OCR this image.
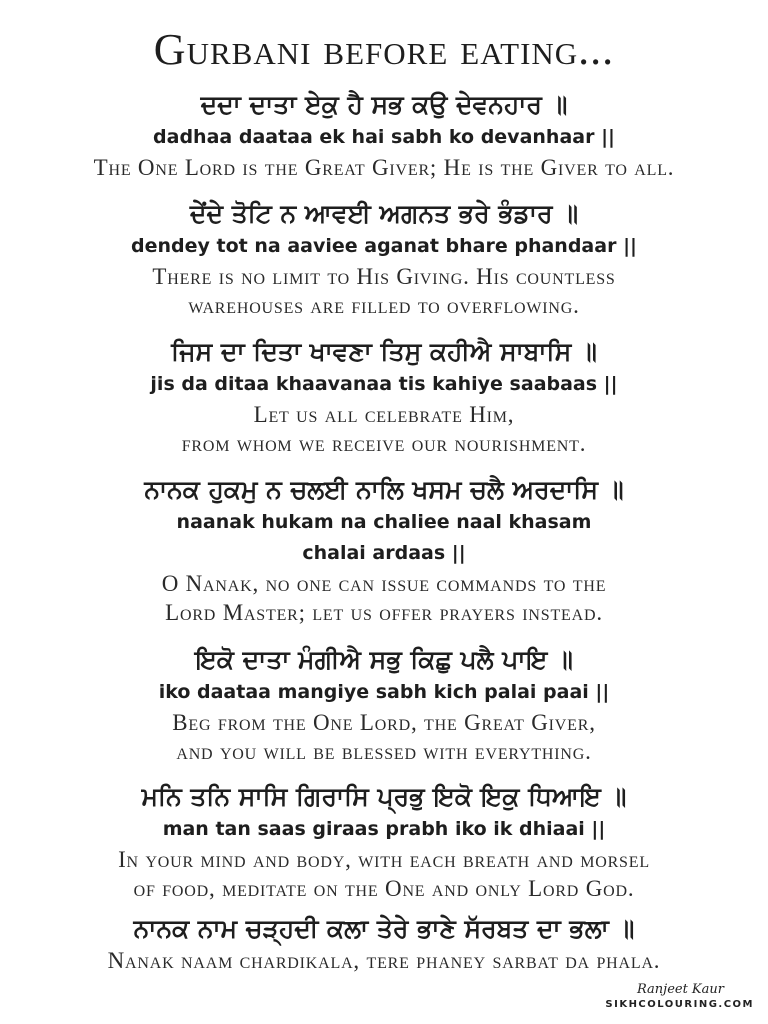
Gurbani before eating...
ਦਦਾ ਦਾਤਾ ਏਕੁ ਹੈ ਸਭ ਕਉ ਦੇਵਨਹਾਰ ॥
dadhaa daataa ek hai sabh ko devanhaar ||
The One Lord is the Great Giver; He is the Giver to all.
ਦੇਂਦੇ ਤੋਟਿ ਨ ਆਵਈ ਅਗਨਤ ਭਰੇ ਭੰਡਾਰ ॥
dendey tot na aaviee aganat bhare phandaar ||
There is no limit to His Giving. His countless
warehouses are filled to overflowing.
ਜਿਸ ਦਾ ਦਿਤਾ ਖਾਵਣਾ ਤਿਸੁ ਕਹੀਐ ਸਾਬਾਸਿ ॥
jis da ditaa khaavanaa tis kahiye saabaas ||
Let us all celebrate Him,
from whom we receive our nourishment.
ਨਾਨਕ ਹੁਕਮੁ ਨ ਚਲਈ ਨਾਲਿ ਖਸਮ ਚਲੈ ਅਰਦਾਸਿ ॥
naanak hukam na chaliee naal khasam
chalai ardaas ||
O Nanak, no one can issue commands to the
Lord Master; let us offer prayers instead.
ਇਕੋ ਦਾਤਾ ਮੰਗੀਐ ਸਭੁ ਕਿਛੁ ਪਲੈ ਪਾਇ ॥
iko daataa mangiye sabh kich palai paai ||
Beg from the One Lord, the Great Giver,
and you will be blessed with everything.
ਮਨਿ ਤਨਿ ਸਾਸਿ ਗਿਰਾਸਿ ਪ੍ਰਭੁ ਇਕੋ ਇਕੁ ਧਿਆਇ ॥
man tan saas giraas prabh iko ik dhiaai ||
In your mind and body, with each breath and morsel
of food, meditate on the One and only Lord God.
ਨਾਨਕ ਨਾਮ ਚੜ੍ਹਦੀ ਕਲਾ ਤੇਰੇ ਭਾਣੇ ਸੱਰਬਤ ਦਾ ਭਲਾ ॥
Nanak naam chardikala, tere phaney sarbat da phala.
Ranjeet Kaur
SIKHCOLOURING.COM
